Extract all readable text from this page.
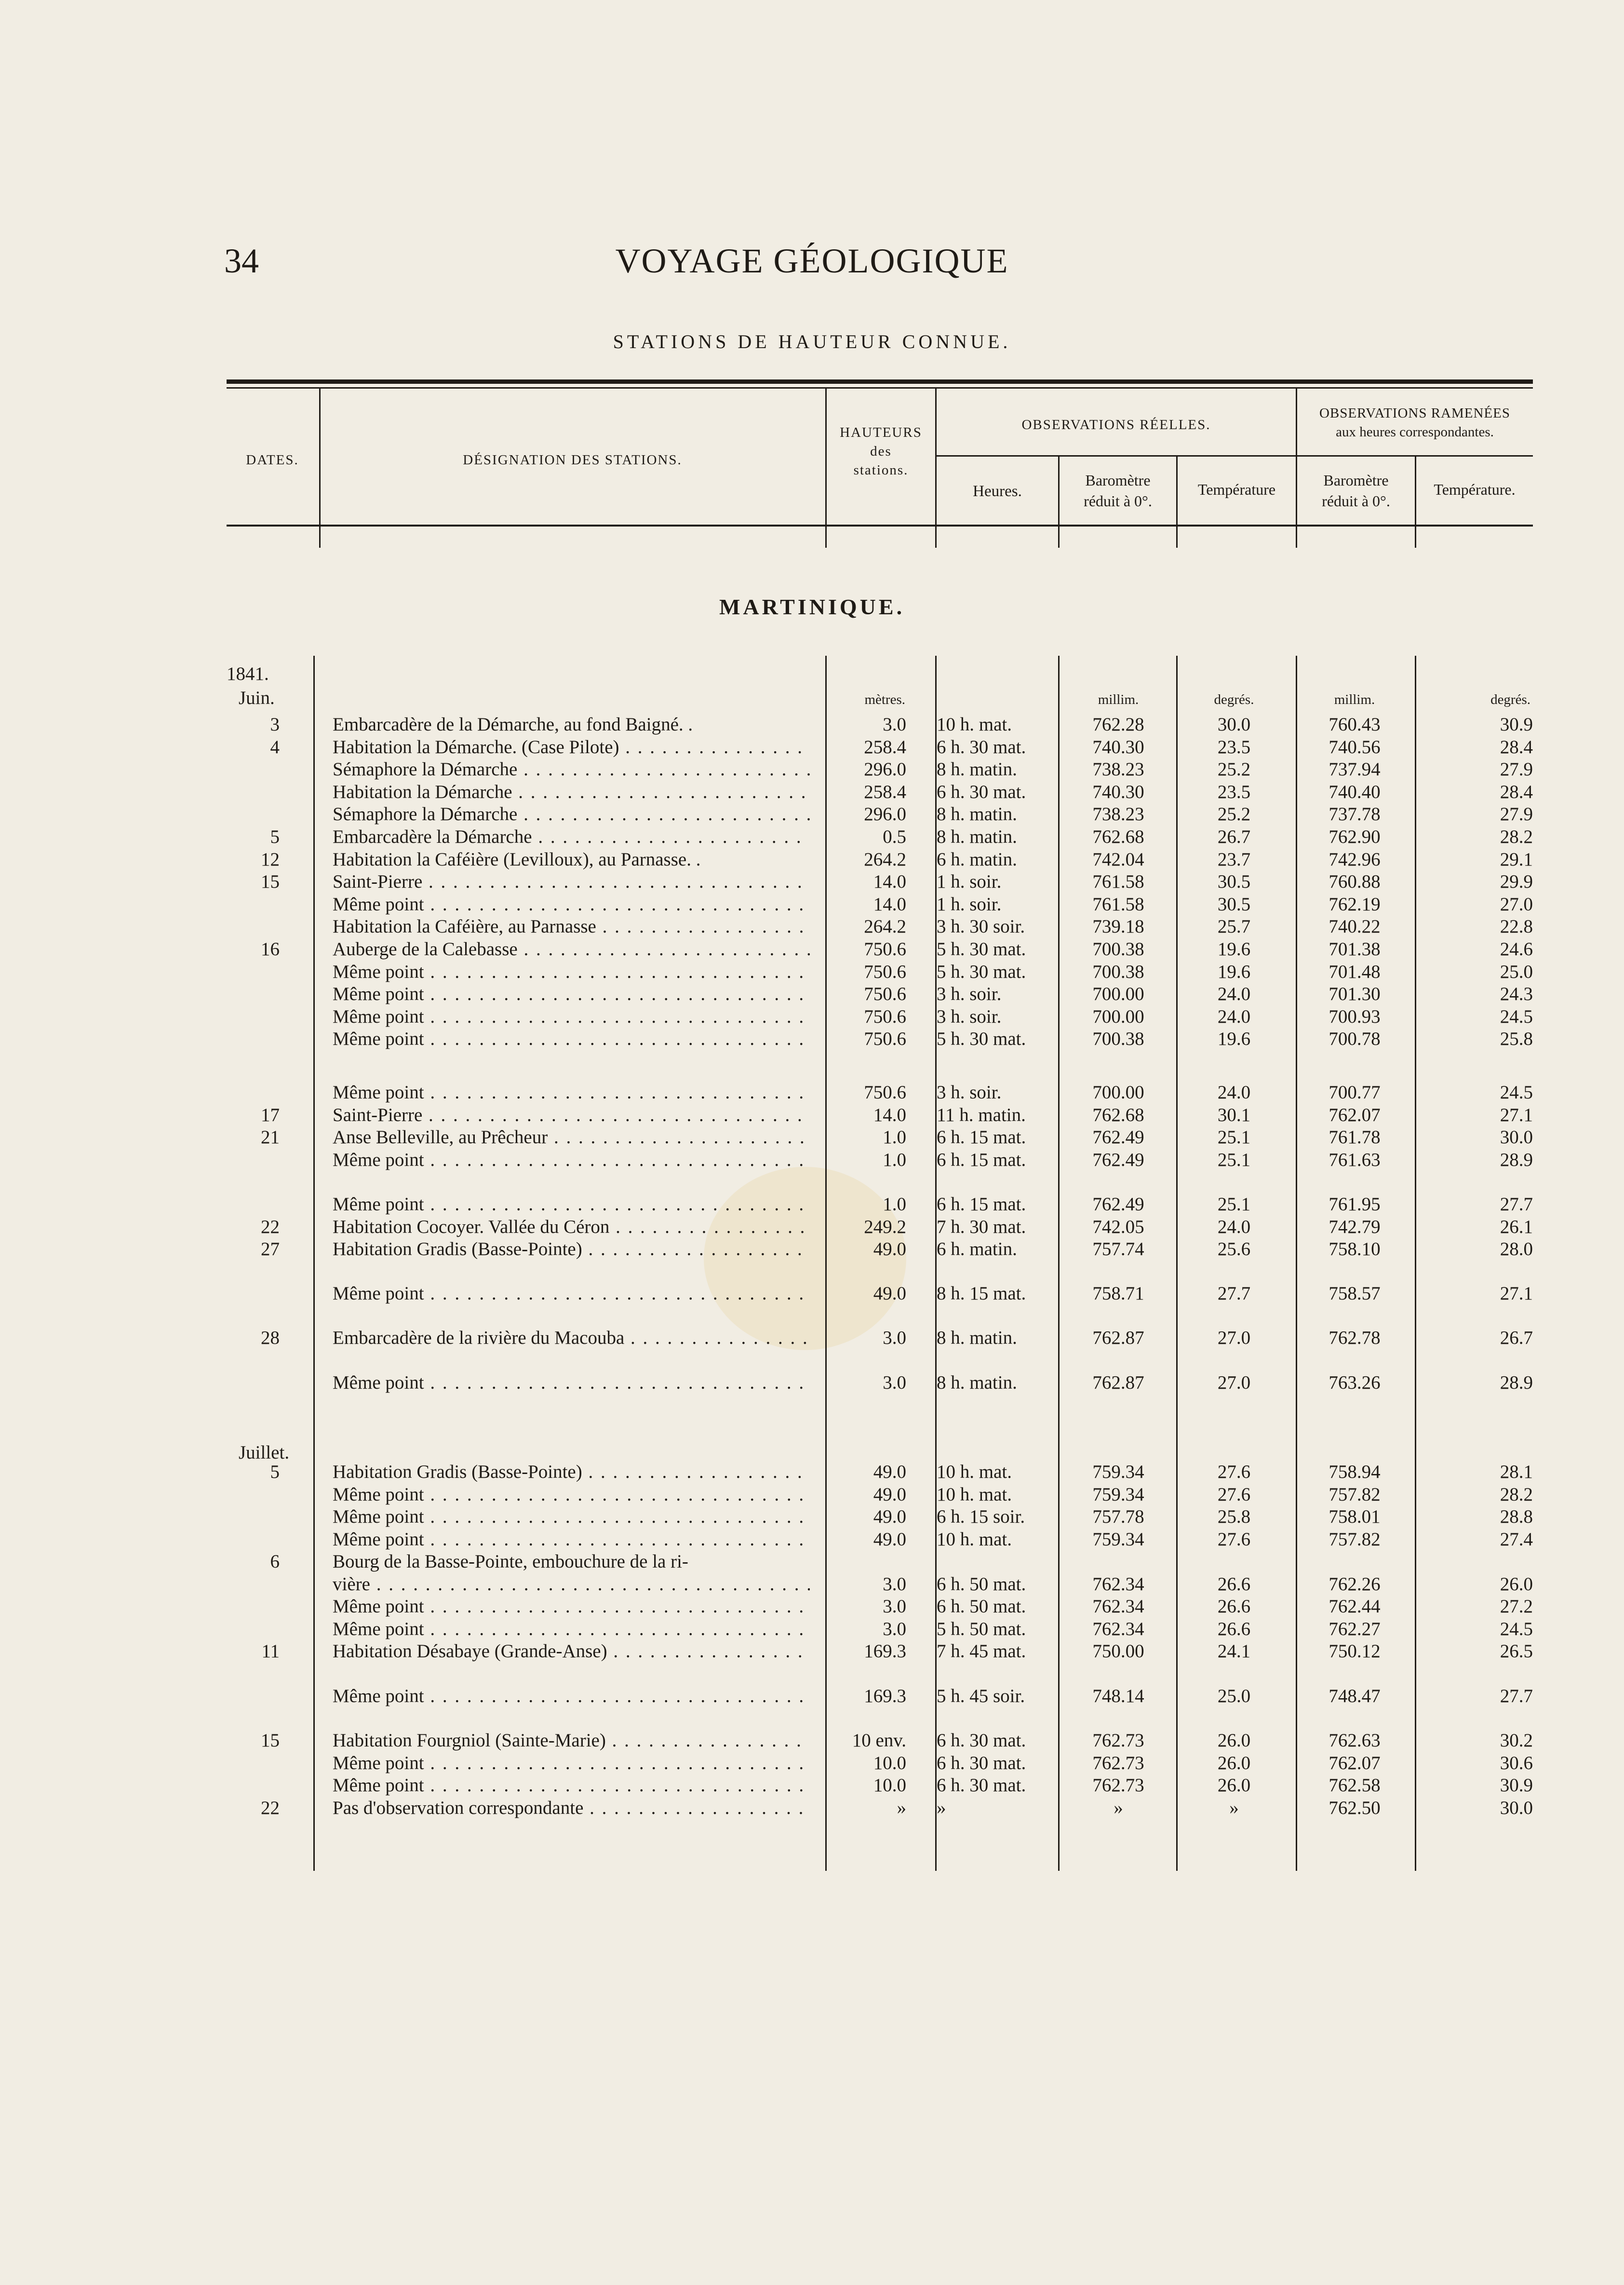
34	VOYAGE GÉOLOGIQUE
STATIONS DE HAUTEUR CONNUE.
DATES.	DÉSIGNATION DES STATIONS.
HAUTEURS
des
stations.
OBSERVATIONS RÉELLES.
OBSERVATIONS RAMENÉES
aux heures correspondantes.
Heures.
Baromètre
réduit à 0°.
Température
Baromètre
réduit à 0°.
Température.
MARTINIQUE.
1841.
Juin.
Juillet.
mètres.	millim.	degrés.	millim.	degrés.
3	Embarcadère de la Démarche, au fond Baigné. .	3.0 10 h. mat.	762.28	30.0	760.43	30.9
4	Habitation la Démarche. (Case Pilote) . . .	258.4 6 h. 30 mat.	740.30	23.5	740.56	28.4
Sémaphore la Démarche . . .	296.0 8 h. matin.	738.23	25.2	737.94	27.9
Habitation la Démarche . . .	258.4 6 h. 30 mat.	740.30	23.5	740.40	28.4
Sémaphore la Démarche . . .	296.0 8 h. matin.	738.23	25.2	737.78	27.9
5	Embarcadère la Démarche . . .	0.5 8 h. matin.	762.68	26.7	762.90	28.2
12	Habitation la Caféière (Levilloux), au Parnasse. .	264.2 6 h. matin.	742.04	23.7	742.96	29.1
15	Saint-Pierre . . .	14.0 1 h. soir.	761.58	30.5	760.88	29.9
Même point . . .	14.0 1 h. soir.	761.58	30.5	762.19	27.0
Habitation la Caféière, au Parnasse . . .	264.2 3 h. 30 soir.	739.18	25.7	740.22	22.8
16	Auberge de la Calebasse . . .	750.6 5 h. 30 mat.	700.38	19.6	701.38	24.6
Même point . . .	750.6 5 h. 30 mat.	700.38	19.6	701.48	25.0
Même point . . .	750.6 3 h. soir.	700.00	24.0	701.30	24.3
Même point . . .	750.6 3 h. soir.	700.00	24.0	700.93	24.5
Même point . . .	750.6 5 h. 30 mat.	700.38	19.6	700.78	25.8
Même point . . .	750.6 3 h. soir.	700.00	24.0	700.77	24.5
17	Saint-Pierre . . .	14.0 11 h. matin.	762.68	30.1	762.07	27.1
21	Anse Belleville, au Prêcheur . . .	1.0 6 h. 15 mat.	762.49	25.1	761.78	30.0
Même point . . .	1.0 6 h. 15 mat.	762.49	25.1	761.63	28.9
Même point . . .	1.0 6 h. 15 mat.	762.49	25.1	761.95	27.7
22	Habitation Cocoyer. Vallée du Céron . . .	249.2 7 h. 30 mat.	742.05	24.0	742.79	26.1
27	Habitation Gradis (Basse-Pointe) . . .	49.0 6 h. matin.	757.74	25.6	758.10	28.0
Même point . . .	49.0 8 h. 15 mat.	758.71	27.7	758.57	27.1
28	Embarcadère de la rivière du Macouba . . .	3.0 8 h. matin.	762.87	27.0	762.78	26.7
Même point . . .	3.0 8 h. matin.	762.87	27.0	763.26	28.9
5	Habitation Gradis (Basse-Pointe) . . .	49.0 10 h. mat.	759.34	27.6	758.94	28.1
Même point . . .	49.0 10 h. mat.	759.34	27.6	757.82	28.2
Même point . . .	49.0 6 h. 15 soir.	757.78	25.8	758.01	28.8
Même point . . .	49.0 10 h. mat.	759.34	27.6	757.82	27.4
6	Bourg de la Basse-Pointe, embouchure de la ri-
vière . . .	3.0 6 h. 50 mat.	762.34	26.6	762.26	26.0
Même point . . .	3.0 6 h. 50 mat.	762.34	26.6	762.44	27.2
Même point . . .	3.0 5 h. 50 mat.	762.34	26.6	762.27	24.5
11	Habitation Désabaye (Grande-Anse) . . .	169.3 7 h. 45 mat.	750.00	24.1	750.12	26.5
Même point . . .	169.3 5 h. 45 soir.	748.14	25.0	748.47	27.7
15	Habitation Fourgniol (Sainte-Marie) . . .	10 env. 6 h. 30 mat.	762.73	26.0	762.63	30.2
Même point . . .	10.0 6 h. 30 mat.	762.73	26.0	762.07	30.6
Même point . . .	10.0 6 h. 30 mat.	762.73	26.0	762.58	30.9
22	Pas d'observation correspondante . . .	» »	»	»	762.50	30.0
